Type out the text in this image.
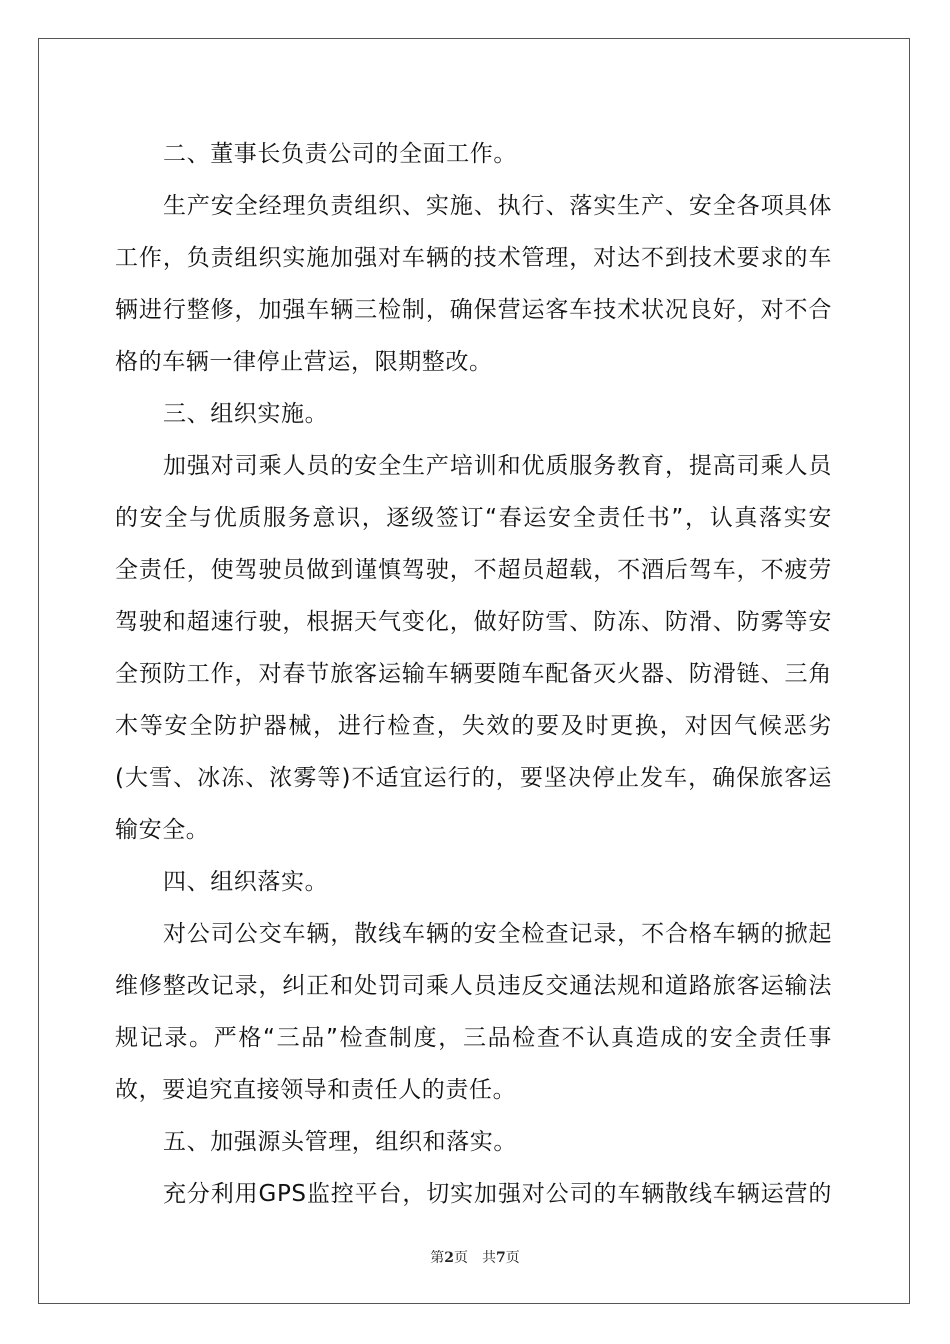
二、董事长负责公司的全面工作。
生产安全经理负责组织、实施、执行、落实生产、安全各项具体
工作，负责组织实施加强对车辆的技术管理，对达不到技术要求的车
辆进行整修，加强车辆三检制，确保营运客车技术状况良好，对不合
格的车辆一律停止营运，限期整改。
三、组织实施。
加强对司乘人员的安全生产培训和优质服务教育，提高司乘人员
的安全与优质服务意识，逐级签订“春运安全责任书”，认真落实安
全责任，使驾驶员做到谨慎驾驶，不超员超载，不酒后驾车，不疲劳
驾驶和超速行驶，根据天气变化，做好防雪、防冻、防滑、防雾等安
全预防工作，对春节旅客运输车辆要随车配备灭火器、防滑链、三角
木等安全防护器械，进行检查，失效的要及时更换，对因气候恶劣
(大雪、冰冻、浓雾等)不适宜运行的，要坚决停止发车，确保旅客运
输安全。
四、组织落实。
对公司公交车辆，散线车辆的安全检查记录，不合格车辆的掀起
维修整改记录，纠正和处罚司乘人员违反交通法规和道路旅客运输法
规记录。严格“三品”检查制度，三品检查不认真造成的安全责任事
故，要追究直接领导和责任人的责任。
五、加强源头管理，组织和落实。
充分利用GPS监控平台，切实加强对公司的车辆散线车辆运营的
第2页 共7页
